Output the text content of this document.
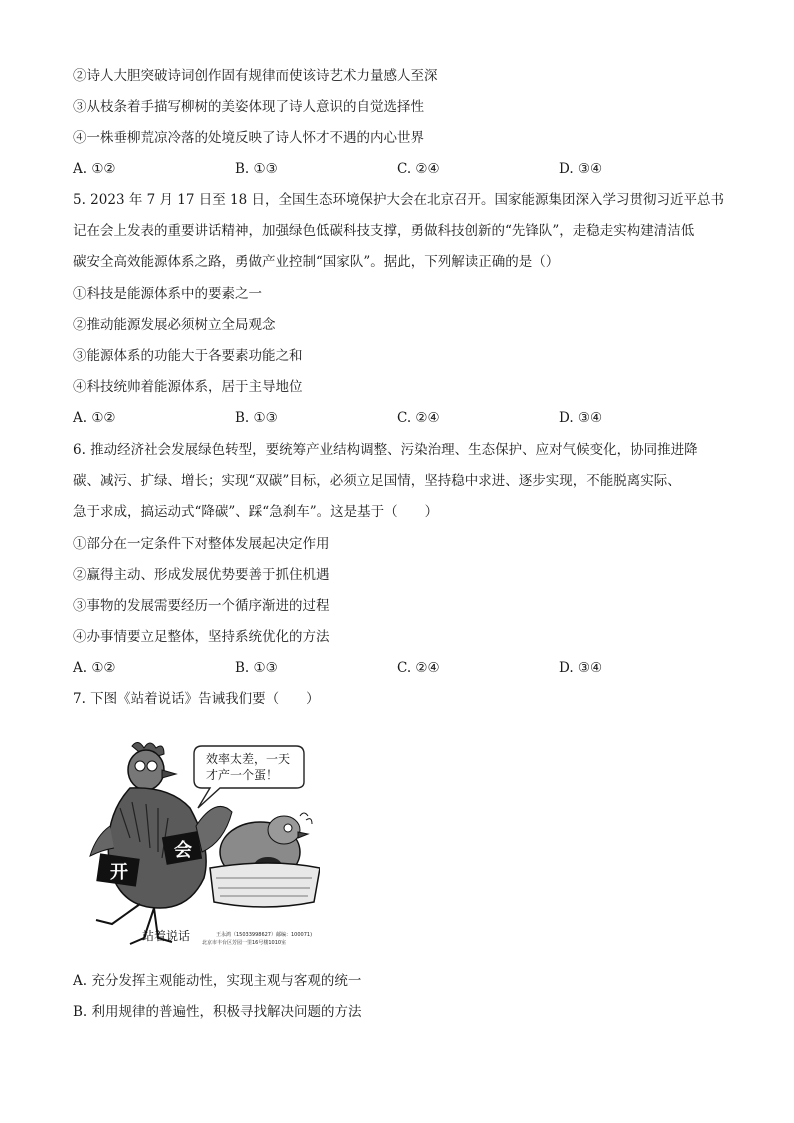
②诗人大胆突破诗词创作固有规律而使该诗艺术力量感人至深
③从枝条着手描写柳树的美姿体现了诗人意识的自觉选择性
④一株垂柳荒凉冷落的处境反映了诗人怀才不遇的内心世界
A. ①②	B. ①③	C. ②④	D. ③④
5. 2023 年 7 月 17 日至 18 日，全国生态环境保护大会在北京召开。国家能源集团深入学习贯彻习近平总书
记在会上发表的重要讲话精神，加强绿色低碳科技支撑，勇做科技创新的“先锋队”，走稳走实构建清洁低
碳安全高效能源体系之路，勇做产业控制“国家队”。据此，下列解读正确的是（）
①科技是能源体系中的要素之一
②推动能源发展必须树立全局观念
③能源体系的功能大于各要素功能之和
④科技统帅着能源体系，居于主导地位
A. ①②	B. ①③	C. ②④	D. ③④
6. 推动经济社会发展绿色转型，要统筹产业结构调整、污染治理、生态保护、应对气候变化，协同推进降
碳、减污、扩绿、增长；实现“双碳”目标，必须立足国情，坚持稳中求进、逐步实现，不能脱离实际、
急于求成，搞运动式“降碳”、踩“急刹车”。这是基于（　　）
①部分在一定条件下对整体发展起决定作用
②赢得主动、形成发展优势要善于抓住机遇
③事物的发展需要经历一个循序渐进的过程
④办事情要立足整体，坚持系统优化的方法
A. ①②	B. ①③	C. ②④	D. ③④
7. 下图《站着说话》告诫我们要（　　）
效率太差，一天
才产一个蛋！
开
会
站着说话	王永鸿（15033998627）邮编：100071)
北京市丰台区芳园一里16号楼1010室
A. 充分发挥主观能动性，实现主观与客观的统一
B. 利用规律的普遍性，积极寻找解决问题的方法
